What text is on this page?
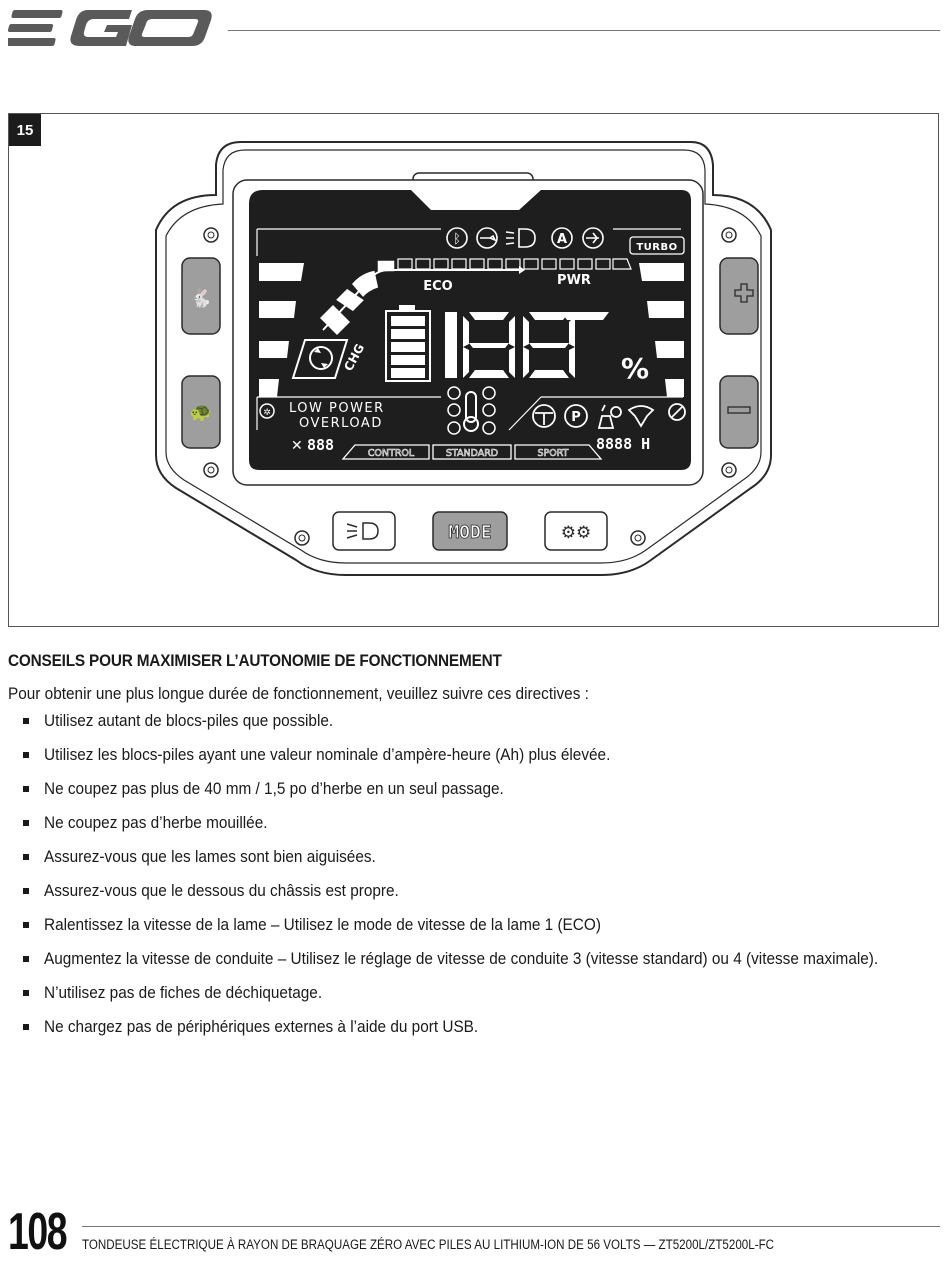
15
🐇
🐢
MODE	⚙⚙
ᛒ	A
TURBO
ECO	PWR
CHG	%
✲ LOW POWER
OVERLOAD	P
✕ 888	8888 H
CONTROL	STANDARD	SPORT
CONSEILS POUR MAXIMISER L’AUTONOMIE DE FONCTIONNEMENT

Pour obtenir une plus longue durée de fonctionnement, veuillez suivre ces directives :

Utilisez autant de blocs-piles que possible.
Utilisez les blocs-piles ayant une valeur nominale d’ampère-heure (Ah) plus élevée.
Ne coupez pas plus de 40 mm / 1,5 po d’herbe en un seul passage.
Ne coupez pas d’herbe mouillée.
Assurez-vous que les lames sont bien aiguisées.
Assurez-vous que le dessous du châssis est propre.
Ralentissez la vitesse de la lame – Utilisez le mode de vitesse de la lame 1 (ECO)
Augmentez la vitesse de conduite – Utilisez le réglage de vitesse de conduite 3 (vitesse standard) ou 4 (vitesse maximale).
N’utilisez pas de fiches de déchiquetage.
Ne chargez pas de périphériques externes à l’aide du port USB.
108 TONDEUSE ÉLECTRIQUE À RAYON DE BRAQUAGE ZÉRO AVEC PILES AU LITHIUM-ION DE 56 VOLTS — ZT5200L/ZT5200L-FC
